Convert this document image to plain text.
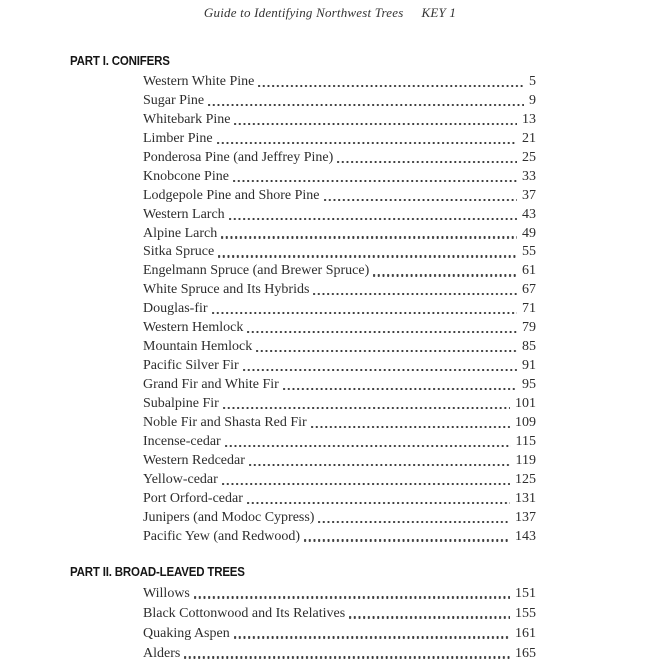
Guide to Identifying Northwest Trees KEY 1
PART I. CONIFERS
Western White Pine	5
Sugar Pine	9
Whitebark Pine	13
Limber Pine	21
Ponderosa Pine (and Jeffrey Pine)	25
Knobcone Pine	33
Lodgepole Pine and Shore Pine	37
Western Larch	43
Alpine Larch	49
Sitka Spruce	55
Engelmann Spruce (and Brewer Spruce)	61
White Spruce and Its Hybrids	67
Douglas-fir	71
Western Hemlock	79
Mountain Hemlock	85
Pacific Silver Fir	91
Grand Fir and White Fir	95
Subalpine Fir	101
Noble Fir and Shasta Red Fir	109
Incense-cedar	115
Western Redcedar	119
Yellow-cedar	125
Port Orford-cedar	131
Junipers (and Modoc Cypress)	137
Pacific Yew (and Redwood)	143
PART II. BROAD-LEAVED TREES
Willows	151
Black Cottonwood and Its Relatives	155
Quaking Aspen	161
Alders	165
